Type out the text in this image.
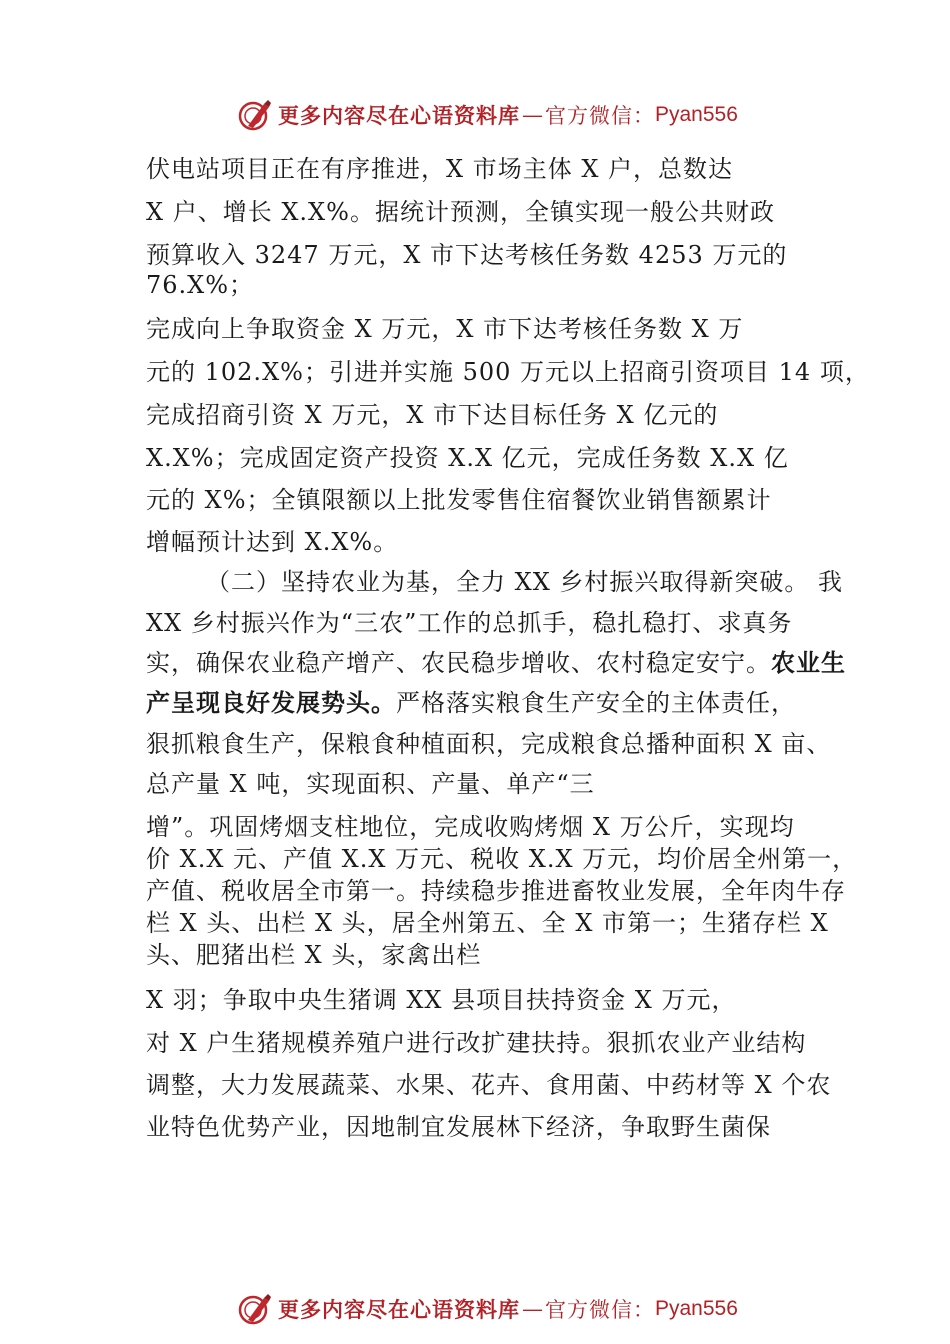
更多内容尽在心语资料库 — 官方微信： Pyan556
伏电站项目正在有序推进，X 市场主体 X 户，总数达
X 户、增长 X.X%。据统计预测，全镇实现一般公共财政
预算收入 3247 万元，X 市下达考核任务数 4253 万元的
76.X%；
完成向上争取资金 X 万元，X 市下达考核任务数 X 万
元的 102.X%；引进并实施 500 万元以上招商引资项目 14 项，
完成招商引资 X 万元，X 市下达目标任务 X 亿元的
X.X%；完成固定资产投资 X.X 亿元，完成任务数 X.X 亿
元的 X%；全镇限额以上批发零售住宿餐饮业销售额累计
增幅预计达到 X.X%。
（二）坚持农业为基，全力 XX 乡村振兴取得新突破。 我
XX 乡村振兴作为“三农”工作的总抓手，稳扎稳打、求真务
实，确保农业稳产增产、农民稳步增收、农村稳定安宁。农业生
产呈现良好发展势头。严格落实粮食生产安全的主体责任，
狠抓粮食生产，保粮食种植面积，完成粮食总播种面积 X 亩、
总产量 X 吨，实现面积、产量、单产“三
增”。巩固烤烟支柱地位，完成收购烤烟 X 万公斤，实现均
价 X.X 元、产值 X.X 万元、税收 X.X 万元，均价居全州第一，
产值、税收居全市第一。持续稳步推进畜牧业发展，全年肉牛存
栏 X 头、出栏 X 头，居全州第五、全 X 市第一；生猪存栏 X
头、肥猪出栏 X 头，家禽出栏
X 羽；争取中央生猪调 XX 县项目扶持资金 X 万元，
对 X 户生猪规模养殖户进行改扩建扶持。狠抓农业产业结构
调整，大力发展蔬菜、水果、花卉、食用菌、中药材等 X 个农
业特色优势产业，因地制宜发展林下经济，争取野生菌保
更多内容尽在心语资料库 — 官方微信： Pyan556
